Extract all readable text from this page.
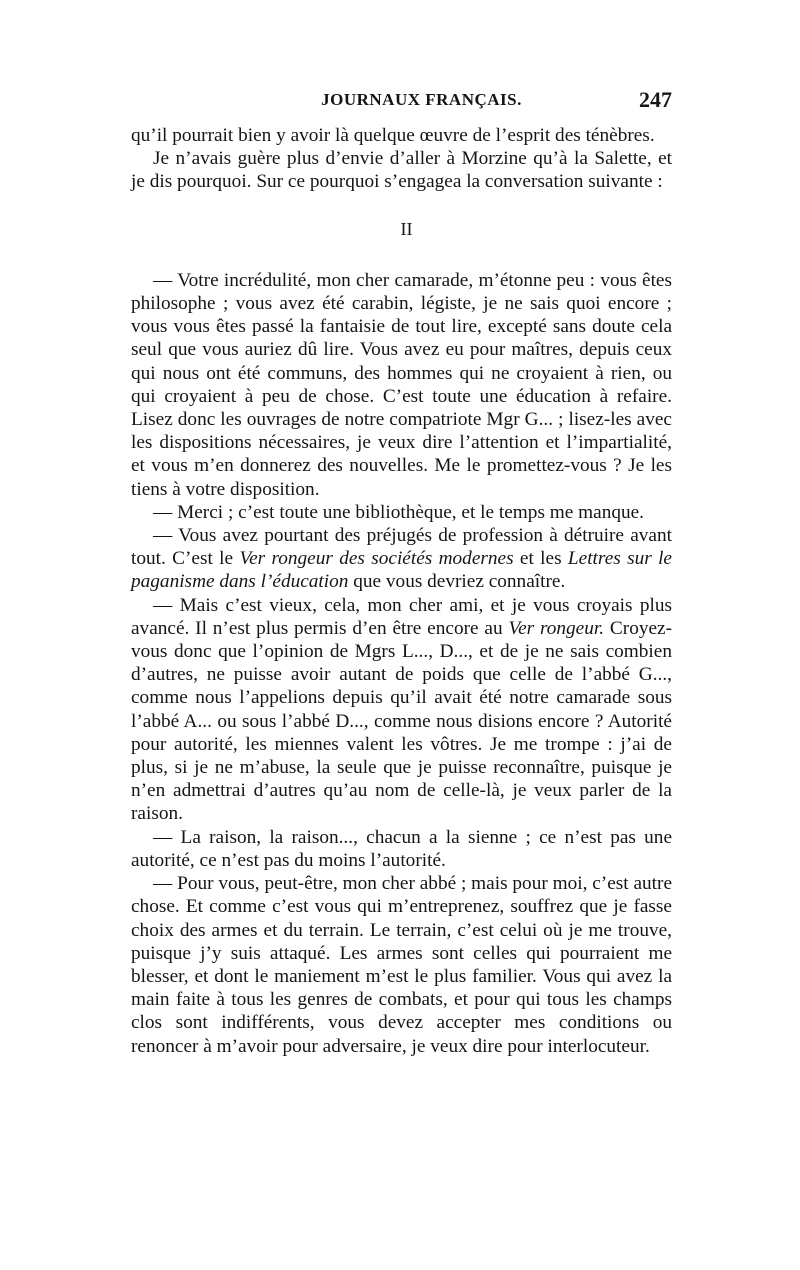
JOURNAUX FRANÇAIS.	247

qu’il pourrait bien y avoir là quelque œuvre de l’esprit des ténèbres.

Je n’avais guère plus d’envie d’aller à Morzine qu’à la Salette, et je dis pourquoi. Sur ce pourquoi s’engagea la conversation suivante :

II

— Votre incrédulité, mon cher camarade, m’étonne peu : vous êtes philosophe ; vous avez été carabin, légiste, je ne sais quoi encore ; vous vous êtes passé la fantaisie de tout lire, excepté sans doute cela seul que vous auriez dû lire. Vous avez eu pour maîtres, depuis ceux qui nous ont été communs, des hommes qui ne croyaient à rien, ou qui croyaient à peu de chose. C’est toute une éducation à refaire. Lisez donc les ouvrages de notre compatriote Mgr G... ; lisez-les avec les dispositions nécessaires, je veux dire l’attention et l’impartialité, et vous m’en donnerez des nouvelles. Me le promettez-vous ? Je les tiens à votre disposition.

— Merci ; c’est toute une bibliothèque, et le temps me manque.

— Vous avez pourtant des préjugés de profession à détruire avant tout. C’est le Ver rongeur des sociétés modernes et les Lettres sur le paganisme dans l’éducation que vous devriez connaître.

— Mais c’est vieux, cela, mon cher ami, et je vous croyais plus avancé. Il n’est plus permis d’en être encore au Ver rongeur. Croyez-vous donc que l’opinion de Mgrs L..., D..., et de je ne sais combien d’autres, ne puisse avoir autant de poids que celle de l’abbé G..., comme nous l’appelions depuis qu’il avait été notre camarade sous l’abbé A... ou sous l’abbé D..., comme nous disions encore ? Autorité pour autorité, les miennes valent les vôtres. Je me trompe : j’ai de plus, si je ne m’abuse, la seule que je puisse reconnaître, puisque je n’en admettrai d’autres qu’au nom de celle-là, je veux parler de la raison.

— La raison, la raison..., chacun a la sienne ; ce n’est pas une autorité, ce n’est pas du moins l’autorité.

— Pour vous, peut-être, mon cher abbé ; mais pour moi, c’est autre chose. Et comme c’est vous qui m’entreprenez, souffrez que je fasse choix des armes et du terrain. Le terrain, c’est celui où je me trouve, puisque j’y suis attaqué. Les armes sont celles qui pourraient me blesser, et dont le maniement m’est le plus familier. Vous qui avez la main faite à tous les genres de combats, et pour qui tous les champs clos sont indifférents, vous devez accepter mes conditions ou renoncer à m’avoir pour adversaire, je veux dire pour interlocuteur.
